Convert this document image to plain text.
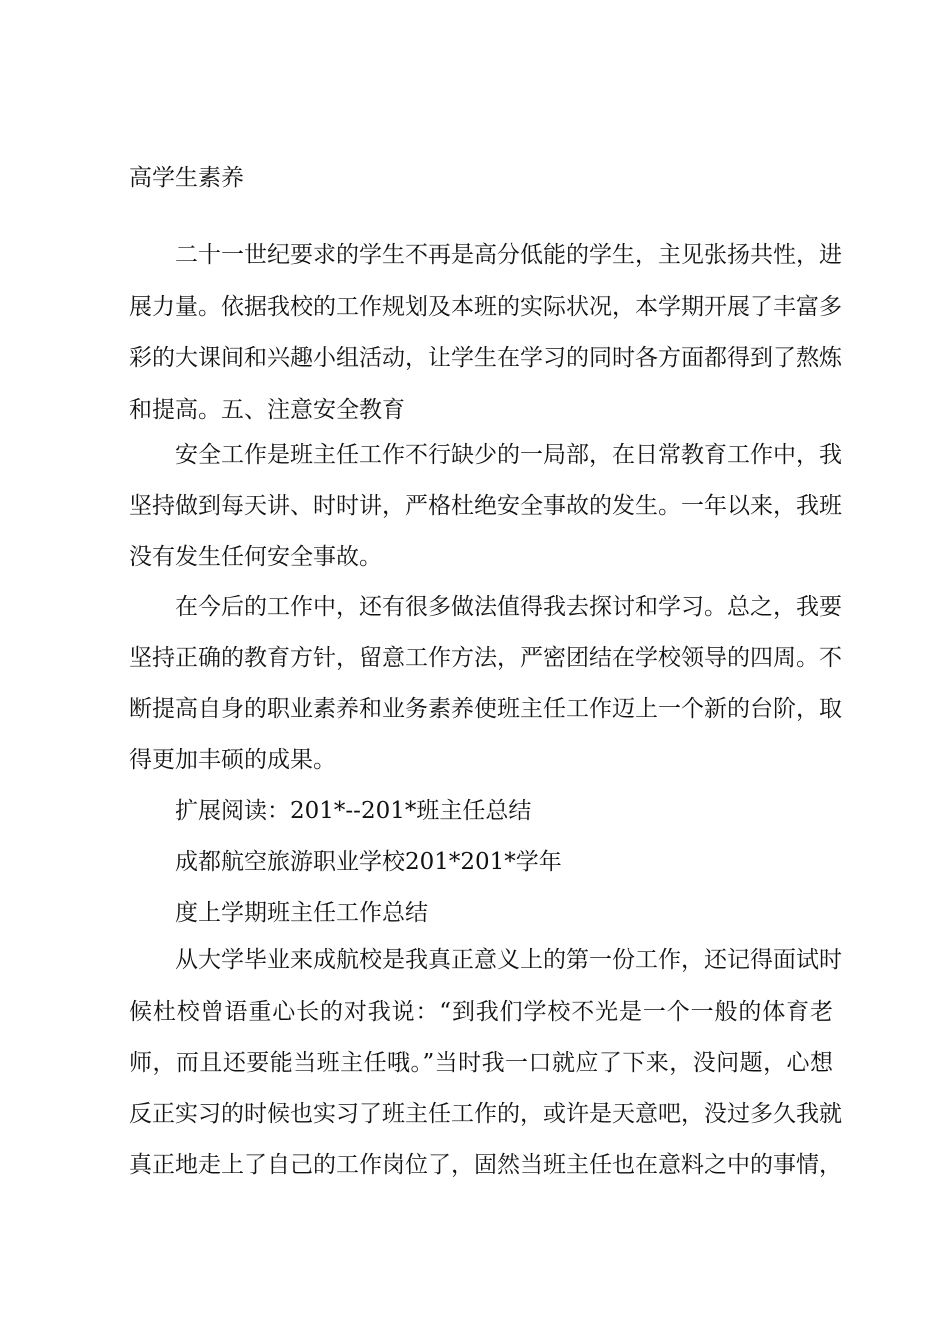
高学生素养
二十一世纪要求的学生不再是高分低能的学生，主见张扬共性，进
展力量。依据我校的工作规划及本班的实际状况，本学期开展了丰富多
彩的大课间和兴趣小组活动，让学生在学习的同时各方面都得到了熬炼
和提高。五、注意安全教育
安全工作是班主任工作不行缺少的一局部，在日常教育工作中，我
坚持做到每天讲、时时讲，严格杜绝安全事故的发生。一年以来，我班
没有发生任何安全事故。
在今后的工作中，还有很多做法值得我去探讨和学习。总之，我要
坚持正确的教育方针，留意工作方法，严密团结在学校领导的四周。不
断提高自身的职业素养和业务素养使班主任工作迈上一个新的台阶，取
得更加丰硕的成果。
扩展阅读：201*--201*班主任总结
成都航空旅游职业学校201*201*学年
度上学期班主任工作总结
从大学毕业来成航校是我真正意义上的第一份工作，还记得面试时
候杜校曾语重心长的对我说：“到我们学校不光是一个一般的体育老
师，而且还要能当班主任哦。”当时我一口就应了下来，没问题，心想
反正实习的时候也实习了班主任工作的，或许是天意吧，没过多久我就
真正地走上了自己的工作岗位了，固然当班主任也在意料之中的事情，
